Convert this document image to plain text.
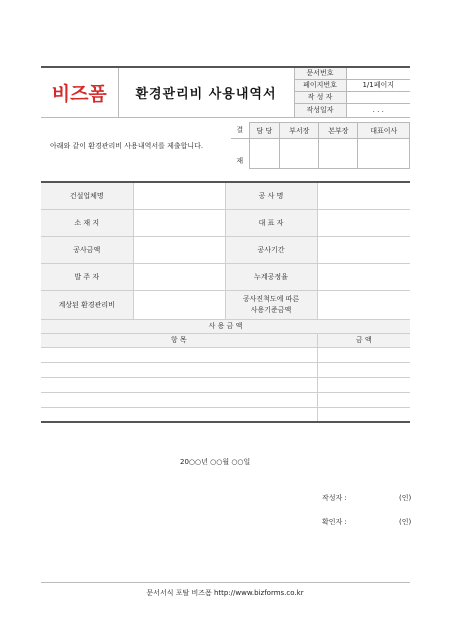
비즈폼	환경관리비 사용내역서	문서번호	
		페이지번호	1/1페이지
		작 성 자	
		작성일자	. . .
아래와 같이 환경관리비 사용내역서를 제출합니다.
결	담 당	부서장	본부장	대표이사
재				
건설업체명		공 사 명	
소 재 지		대 표 자	
공사금액		공사기간	
발 주 자		누계공정율	
계상된 환경관리비		공사진척도에 따른
사용기준금액	
사 용 금 액			
항 목			금 액

20○○년 ○○월 ○○일
작성자 :	(인)
확인자 :	(인)
문서서식 포탈 비즈폼 http://www.bizforms.co.kr
